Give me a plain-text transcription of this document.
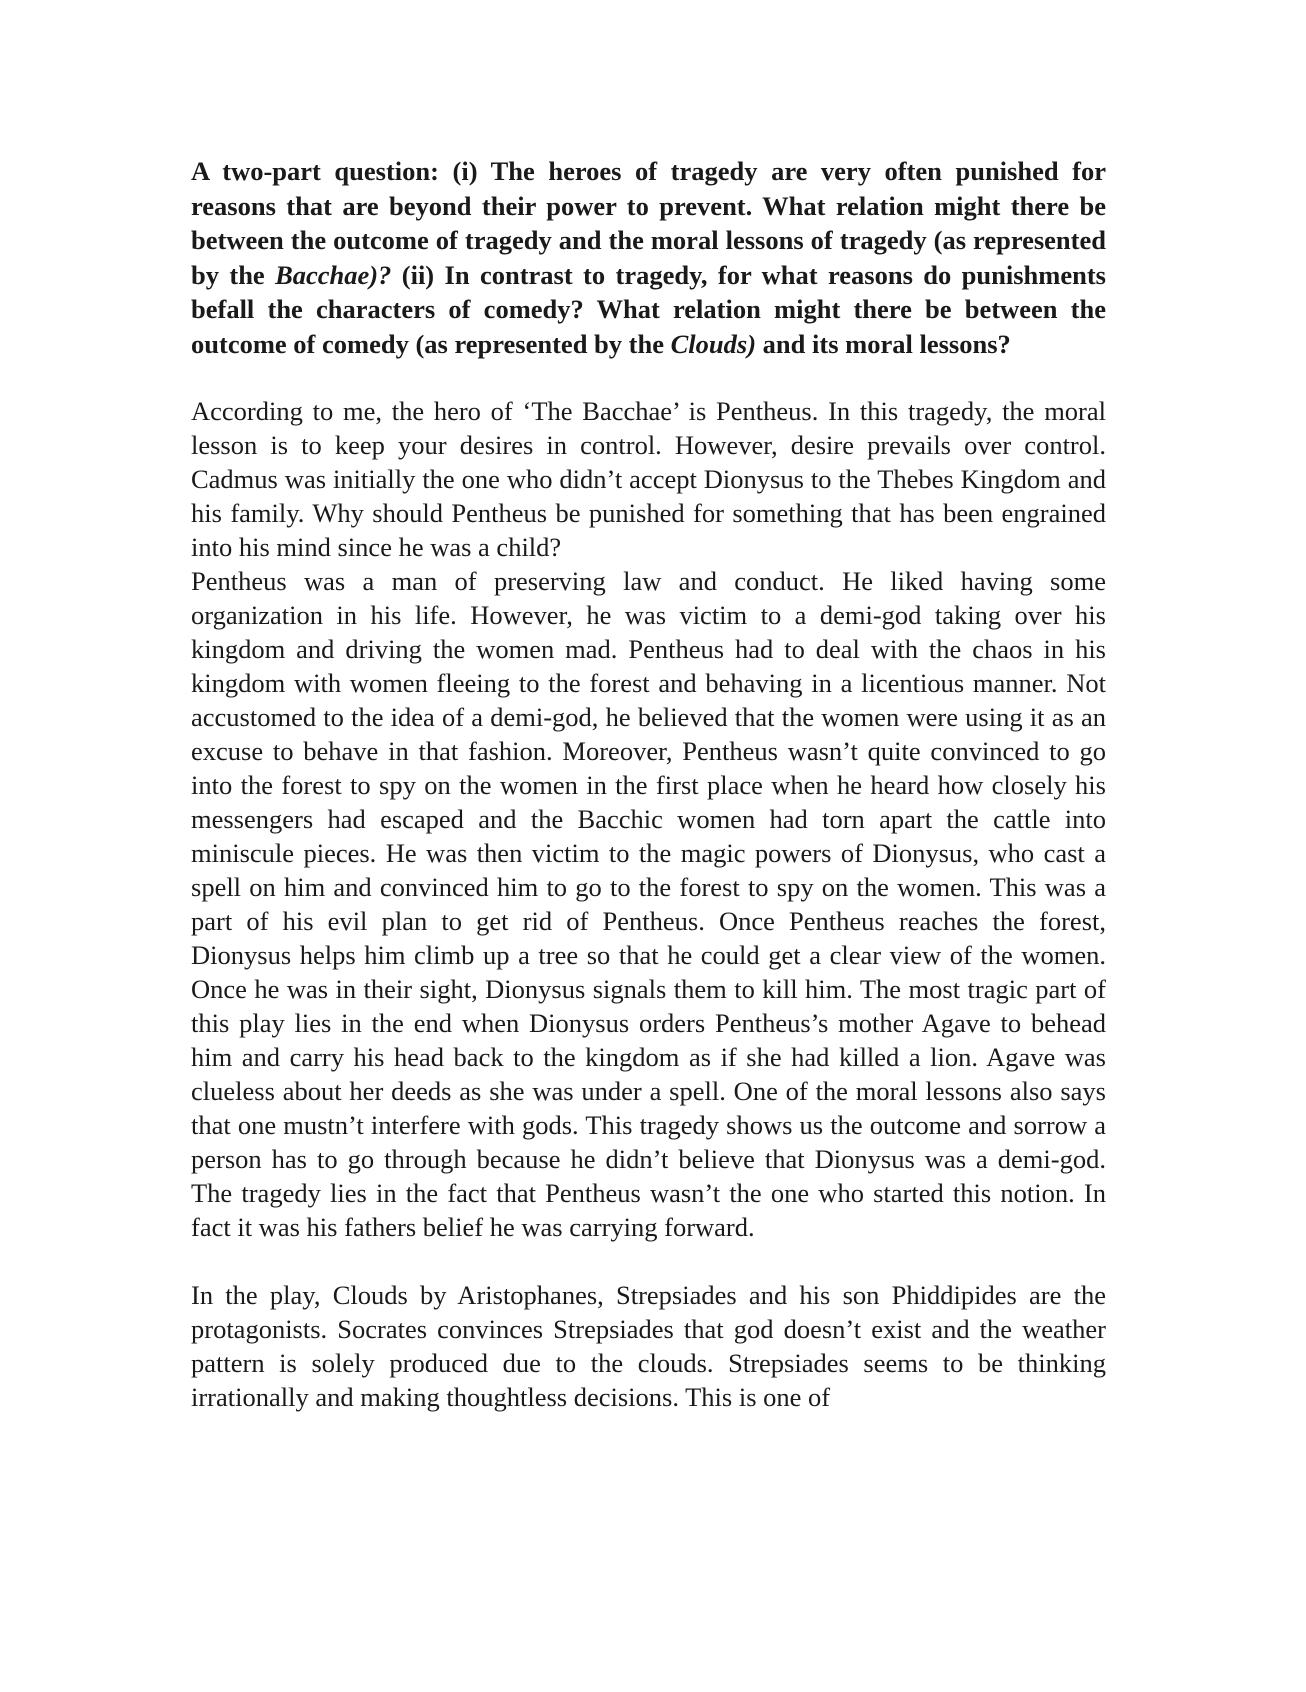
A two-part question: (i) The heroes of tragedy are very often punished for reasons that are beyond their power to prevent. What relation might there be between the outcome of tragedy and the moral lessons of tragedy (as represented by the Bacchae)? (ii) In contrast to tragedy, for what reasons do punishments befall the characters of comedy? What relation might there be between the outcome of comedy (as represented by the Clouds) and its moral lessons?

According to me, the hero of ‘The Bacchae’ is Pentheus. In this tragedy, the moral lesson is to keep your desires in control. However, desire prevails over control. Cadmus was initially the one who didn’t accept Dionysus to the Thebes Kingdom and his family. Why should Pentheus be punished for something that has been engrained into his mind since he was a child?

Pentheus was a man of preserving law and conduct. He liked having some organization in his life. However, he was victim to a demi-god taking over his kingdom and driving the women mad. Pentheus had to deal with the chaos in his kingdom with women fleeing to the forest and behaving in a licentious manner. Not accustomed to the idea of a demi-god, he believed that the women were using it as an excuse to behave in that fashion. Moreover, Pentheus wasn’t quite convinced to go into the forest to spy on the women in the first place when he heard how closely his messengers had escaped and the Bacchic women had torn apart the cattle into miniscule pieces. He was then victim to the magic powers of Dionysus, who cast a spell on him and convinced him to go to the forest to spy on the women. This was a part of his evil plan to get rid of Pentheus. Once Pentheus reaches the forest, Dionysus helps him climb up a tree so that he could get a clear view of the women. Once he was in their sight, Dionysus signals them to kill him. The most tragic part of this play lies in the end when Dionysus orders Pentheus’s mother Agave to behead him and carry his head back to the kingdom as if she had killed a lion. Agave was clueless about her deeds as she was under a spell. One of the moral lessons also says that one mustn’t interfere with gods. This tragedy shows us the outcome and sorrow a person has to go through because he didn’t believe that Dionysus was a demi-god. The tragedy lies in the fact that Pentheus wasn’t the one who started this notion. In fact it was his fathers belief he was carrying forward.

In the play, Clouds by Aristophanes, Strepsiades and his son Phiddipides are the protagonists. Socrates convinces Strepsiades that god doesn’t exist and the weather pattern is solely produced due to the clouds. Strepsiades seems to be thinking irrationally and making thoughtless decisions. This is one of
